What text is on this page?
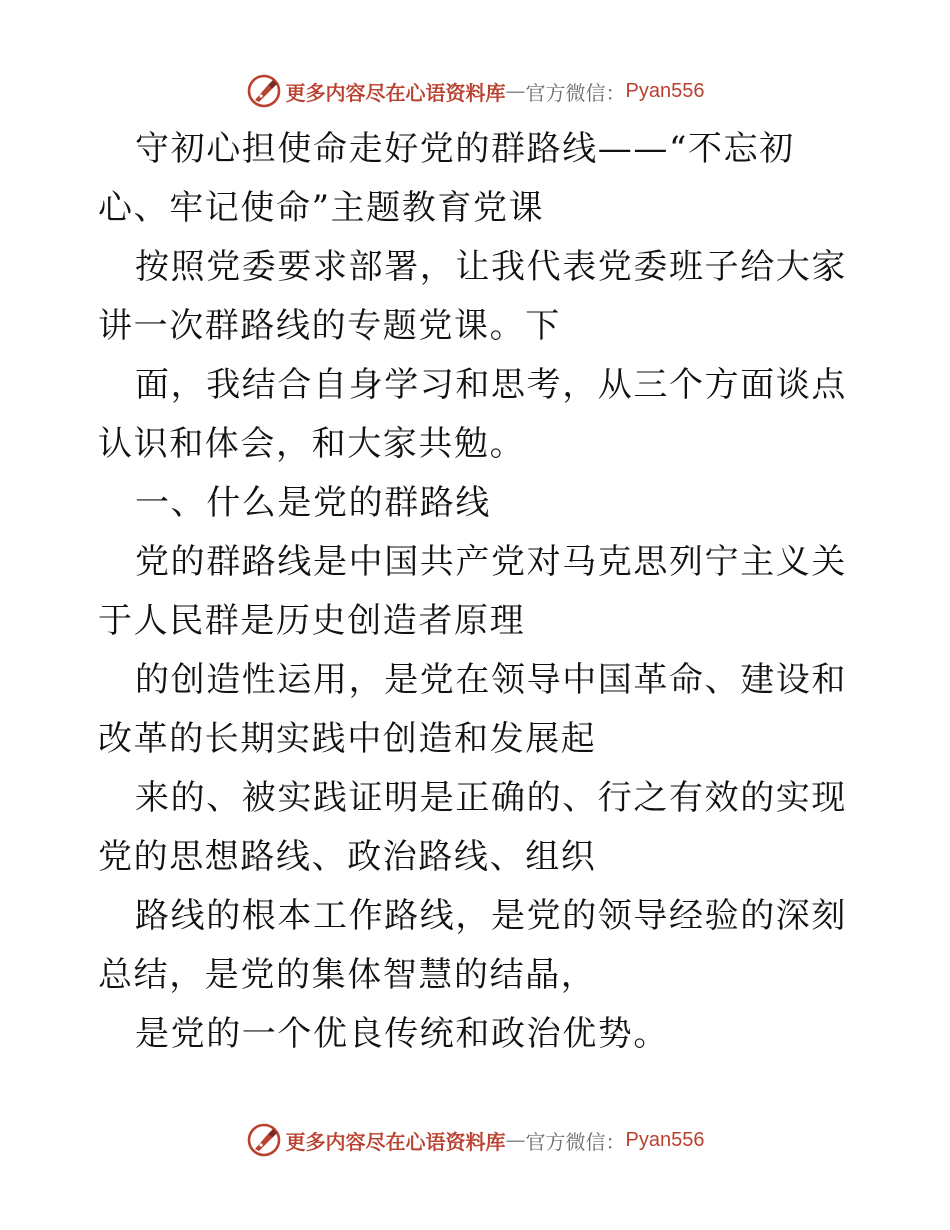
更多内容尽在心语资料库 — 官方微信： Pyan556

守初心担使命走好党的群路线——“不忘初心、牢记使命”主题教育党课

按照党委要求部署，让我代表党委班子给大家讲一次群路线的专题党课。下

面，我结合自身学习和思考，从三个方面谈点认识和体会，和大家共勉。

一、什么是党的群路线

党的群路线是中国共产党对马克思列宁主义关于人民群是历史创造者原理

的创造性运用，是党在领导中国革命、建设和改革的长期实践中创造和发展起

来的、被实践证明是正确的、行之有效的实现党的思想路线、政治路线、组织

路线的根本工作路线，是党的领导经验的深刻总结，是党的集体智慧的结晶，

是党的一个优良传统和政治优势。

更多内容尽在心语资料库 — 官方微信： Pyan556
